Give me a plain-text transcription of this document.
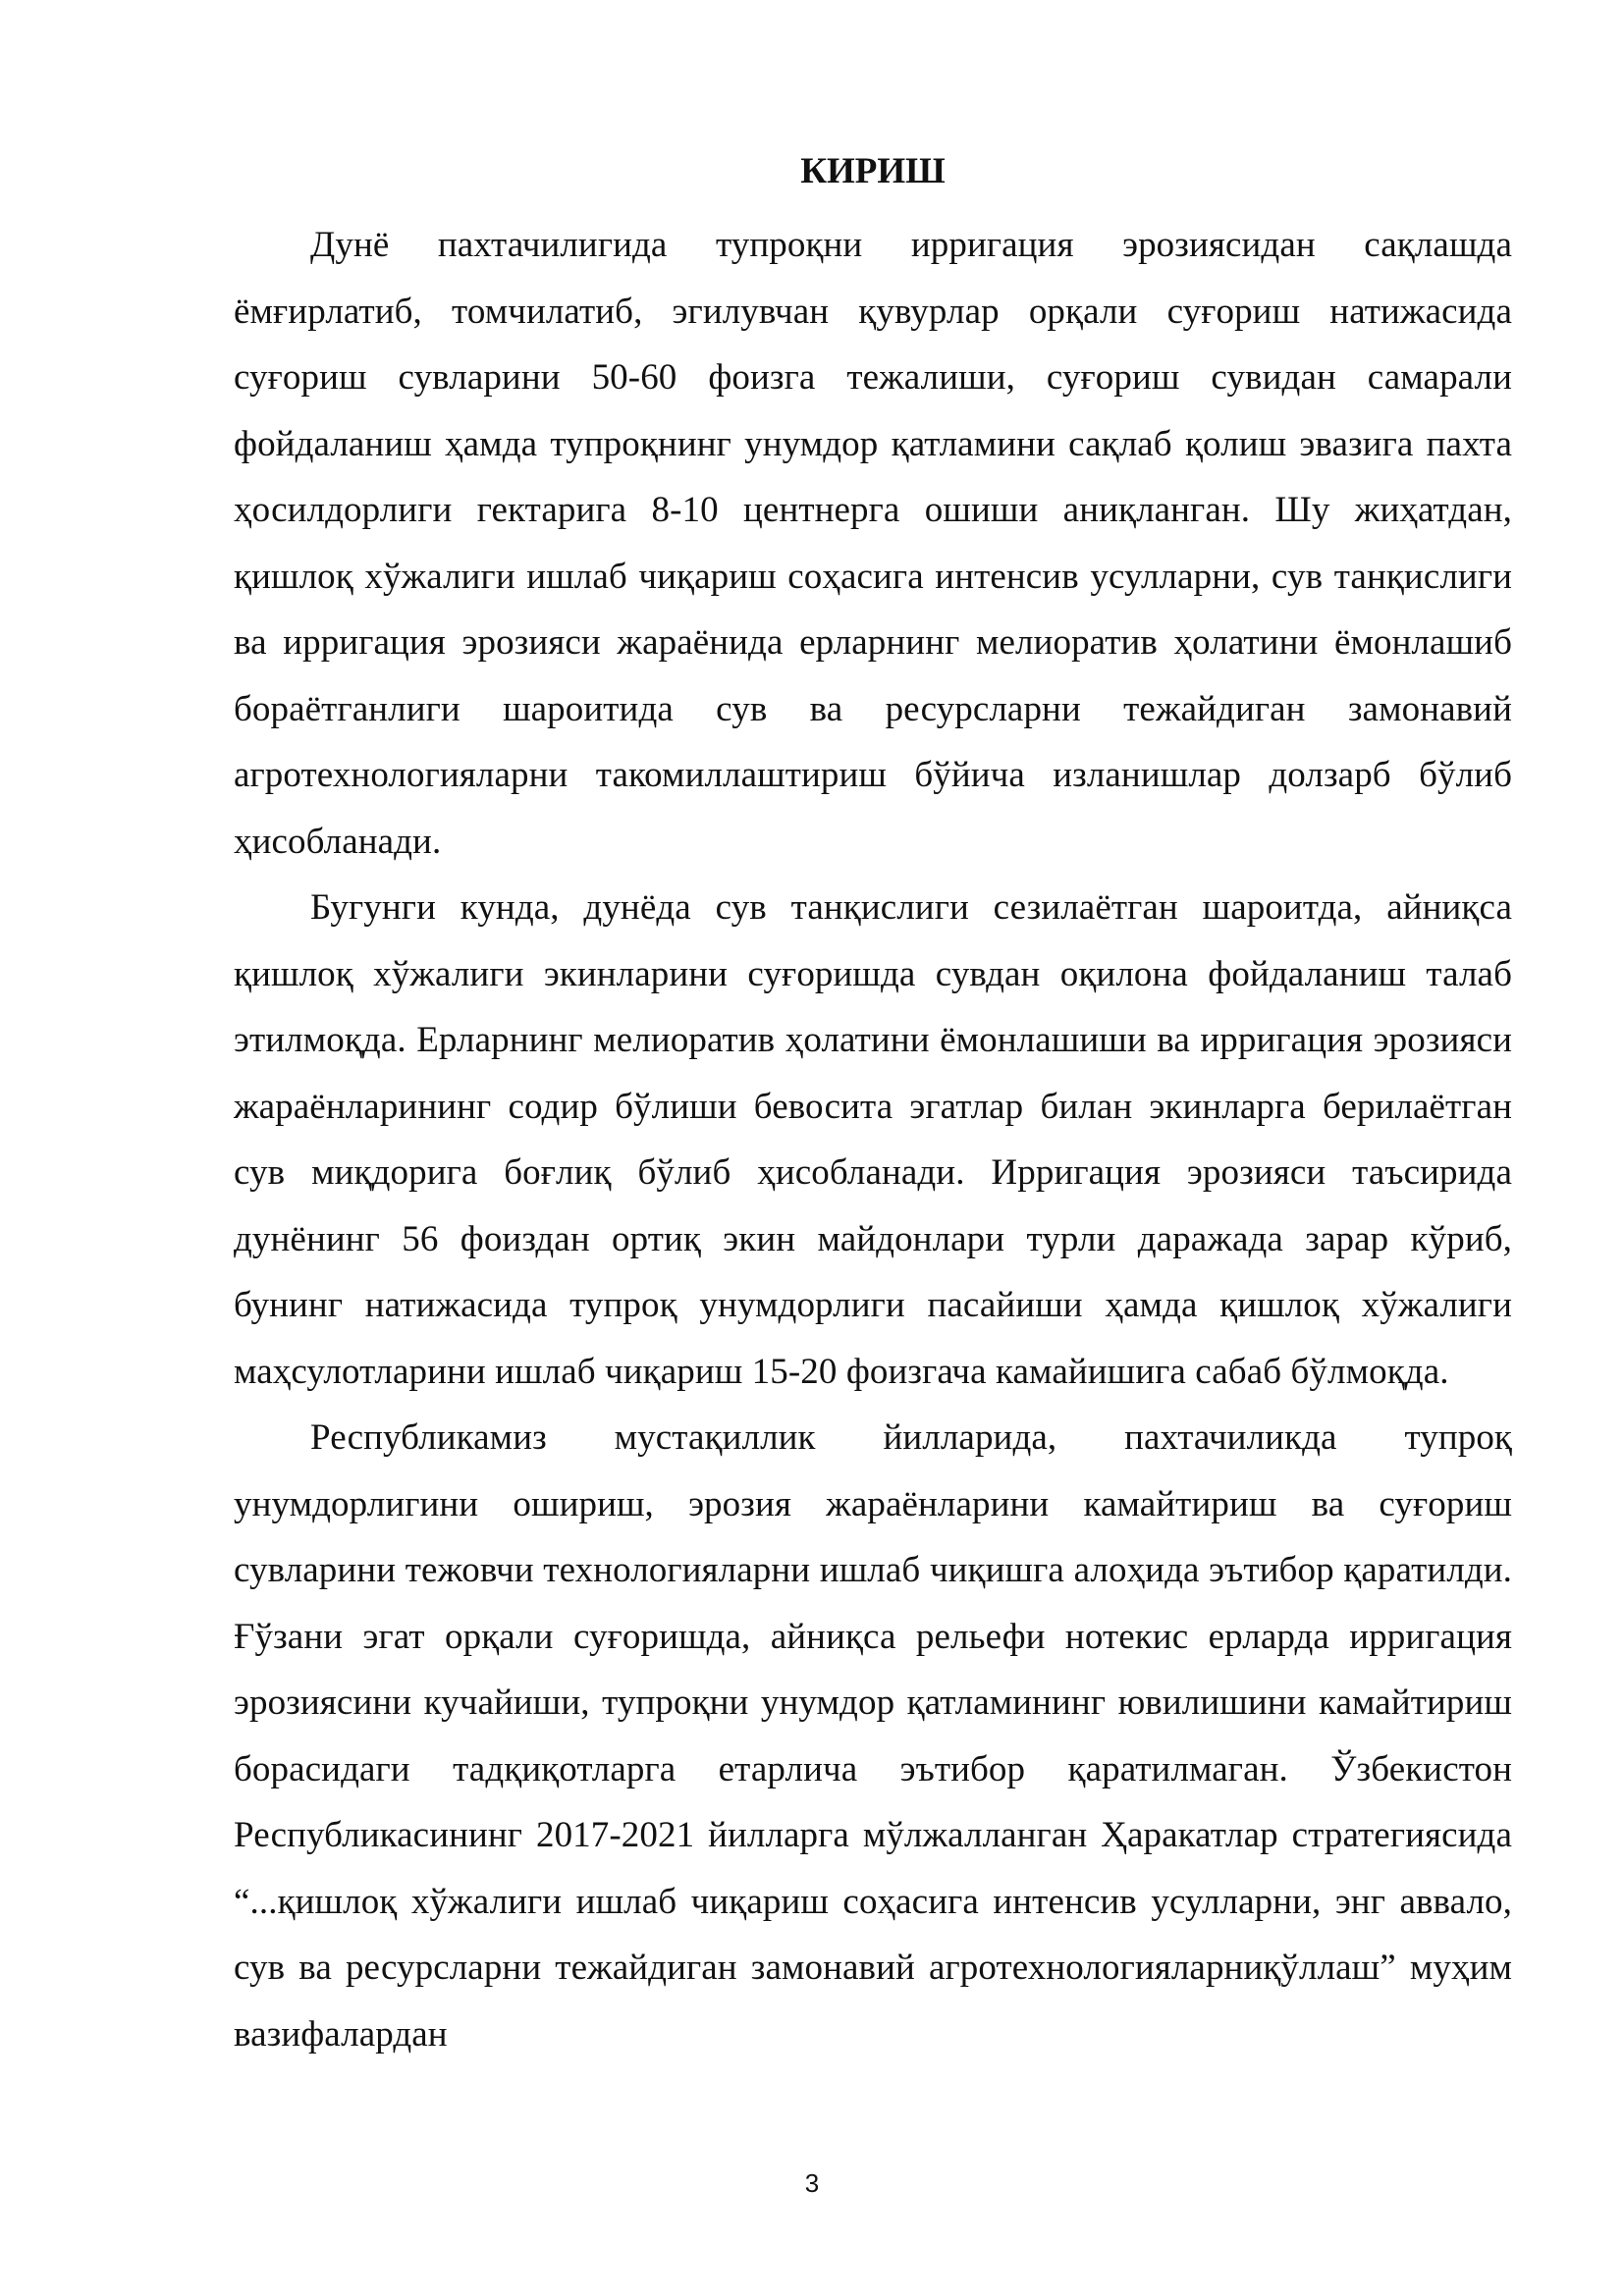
КИРИШ

Дунё пахтачилигида тупроқни ирригация эрозиясидан сақлашда ёмғирлатиб, томчилатиб, эгилувчан қувурлар орқали суғориш натижасида суғориш сувларини 50-60 фоизга тежалиши, суғориш сувидан самарали фойдаланиш ҳамда тупроқнинг унумдор қатламини сақлаб қолиш эвазига пахта ҳосилдорлиги гектарига 8-10 центнерга ошиши аниқланган. Шу жиҳатдан, қишлоқ хўжалиги ишлаб чиқариш соҳасига интенсив усулларни, сув танқислиги ва ирригация эрозияси жараёнида ерларнинг мелиоратив ҳолатини ёмонлашиб бораётганлиги шароитида сув ва ресурсларни тежайдиган замонавий агротехнологияларни такомиллаштириш бўйича изланишлар долзарб бўлиб ҳисобланади.

Бугунги кунда, дунёда сув танқислиги сезилаётган шароитда, айниқса қишлоқ хўжалиги экинларини суғоришда сувдан оқилона фойдаланиш талаб этилмоқда. Ерларнинг мелиоратив ҳолатини ёмонлашиши ва ирригация эрозияси жараёнларининг содир бўлиши бевосита эгатлар билан экинларга берилаётган сув миқдорига боғлиқ бўлиб ҳисобланади. Ирригация эрозияси таъсирида дунёнинг 56 фоиздан ортиқ экин майдонлари турли даражада зарар кўриб, бунинг натижасида тупроқ унумдорлиги пасайиши ҳамда қишлоқ хўжалиги маҳсулотларини ишлаб чиқариш 15-20 фоизгача камайишига сабаб бўлмоқда.

Республикамиз мустақиллик йилларида, пахтачиликда тупроқ унумдорлигини ошириш, эрозия жараёнларини камайтириш ва суғориш сувларини тежовчи технологияларни ишлаб чиқишга алоҳида эътибор қаратилди. Ғўзани эгат орқали суғоришда, айниқса рельефи нотекис ерларда ирригация эрозиясини кучайиши, тупроқни унумдор қатламининг ювилишини камайтириш борасидаги тадқиқотларга етарлича эътибор қаратилмаган. Ўзбекистон Республикасининг 2017-2021 йилларга мўлжалланган Ҳаракатлар стратегиясида “...қишлоқ хўжалиги ишлаб чиқариш соҳасига интенсив усулларни, энг аввало, сув ва ресурсларни тежайдиган замонавий агротехнологияларниқўллаш” муҳим вазифалардан

3
